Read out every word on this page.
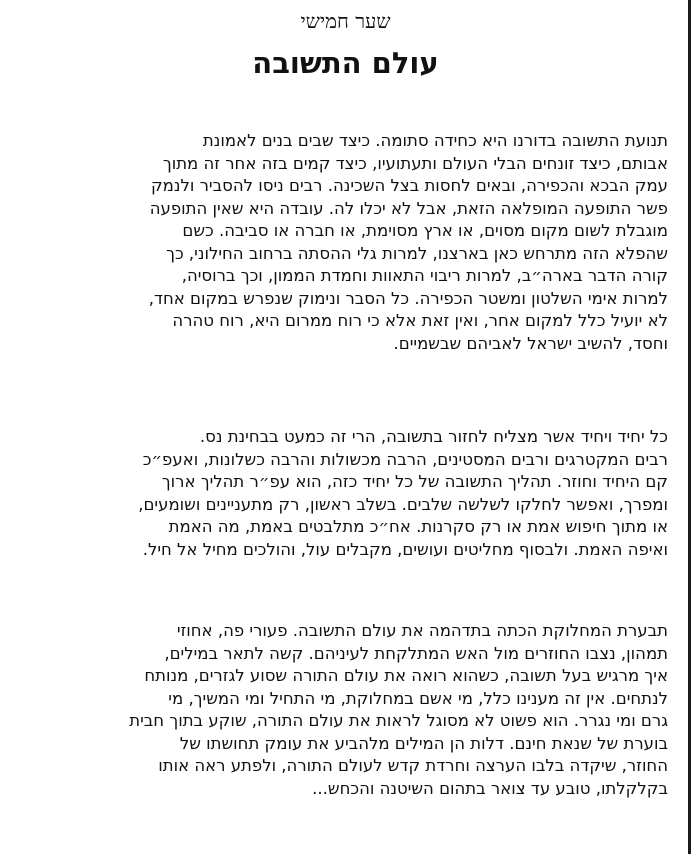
שער חמישי
עולם התשובה

תנועת התשובה בדורנו היא כחידה סתומה. כיצד שבים בנים לאמונת
אבותם, כיצד זונחים הבלי העולם ותעתועיו, כיצד קמים בזה אחר זה מתוך
עמק הבכא והכפירה, ובאים לחסות בצל השכינה. רבים ניסו להסביר ולנמק
פשר התופעה המופלאה הזאת, אבל לא יכלו לה. עובדה היא שאין התופעה
מוגבלת לשום מקום מסוים, או ארץ מסוימת, או חברה או סביבה. כשם
שהפלא הזה מתרחש כאן בארצנו, למרות גלי ההסתה ברחוב החילוני, כך
קורה הדבר בארה״ב, למרות ריבוי התאוות וחמדת הממון, וכך ברוסיה,
למרות אימי השלטון ומשטר הכפירה. כל הסבר ונימוק שנפרש במקום אחד,
לא יועיל כלל למקום אחר, ואין זאת אלא כי רוח ממרום היא, רוח טהרה
וחסד, להשיב ישראל לאביהם שבשמיים.

כל יחיד ויחיד אשר מצליח לחזור בתשובה, הרי זה כמעט בבחינת נס.
רבים המקטרגים ורבים המסטינים, הרבה מכשולות והרבה כשלונות, ואעפ״כ
קם היחיד וחוזר. תהליך התשובה של כל יחיד כזה, הוא עפ״ר תהליך ארוך
ומפרך, ואפשר לחלקו לשלשה שלבים. בשלב ראשון, רק מתעניינים ושומעים,
או מתוך חיפוש אמת או רק סקרנות. אח״כ מתלבטים באמת, מה האמת
ואיפה האמת. ולבסוף מחליטים ועושים, מקבלים עול, והולכים מחיל אל חיל.

תבערת המחלוקת הכתה בתדהמה את עולם התשובה. פעורי פה, אחוזי
תמהון, נצבו החוזרים מול האש המתלקחת לעיניהם. קשה לתאר במילים,
איך מרגיש בעל תשובה, כשהוא רואה את עולם התורה שסוע לגזרים, מנותח
לנתחים. אין זה מענינו כלל, מי אשם במחלוקת, מי התחיל ומי המשיך, מי
גרם ומי נגרר. הוא פשוט לא מסוגל לראות את עולם התורה, שוקע בתוך חבית
בוערת של שנאת חינם. דלות הן המילים מלהביע את עומק תחושתו של
החוזר, שיקדה בלבו הערצה וחרדת קדש לעולם התורה, ולפתע ראה אותו
בקלקלתו, טובע עד צואר בתהום השיטנה והכחש...
